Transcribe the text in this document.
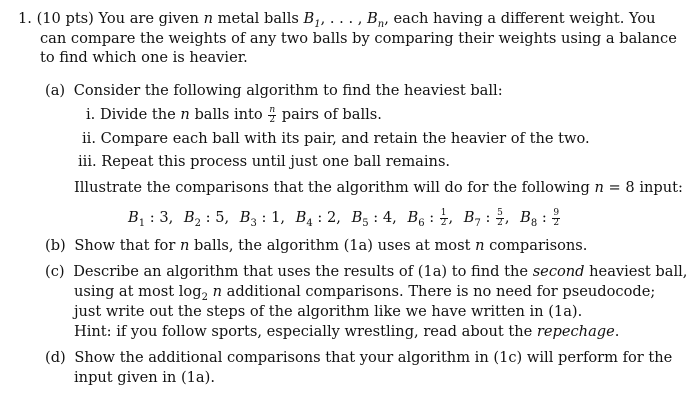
1. (10 pts) You are given n metal balls $B_1$, . . . , $B_n$, each having a different weight. You
can compare the weights of any two balls by comparing their weights using a balance
to find which one is heavier.
(a) Consider the following algorithm to find the heaviest ball:
i. Divide the n balls into $\frac{n}{2}$ pairs of balls.
ii. Compare each ball with its pair, and retain the heavier of the two.
iii. Repeat this process until just one ball remains.
Illustrate the comparisons that the algorithm will do for the following n = 8 input:
$B_1$ : 3, $B_2$ : 5, $B_3$ : 1, $B_4$ : 2, $B_5$ : 4, $B_6$ : $\frac{1}{2}$ , $B_7$ : $\frac{5}{2}$ , $B_8$ : $\frac{9}{2}$
(b) Show that for n balls, the algorithm (1a) uses at most n comparisons.
(c) Describe an algorithm that uses the results of (1a) to find the second heaviest ball,
using at most $\log_2 n$ additional comparisons. There is no need for pseudocode;
just write out the steps of the algorithm like we have written in (1a).
Hint: if you follow sports, especially wrestling, read about the repechage.
(d) Show the additional comparisons that your algorithm in (1c) will perform for the
input given in (1a).
